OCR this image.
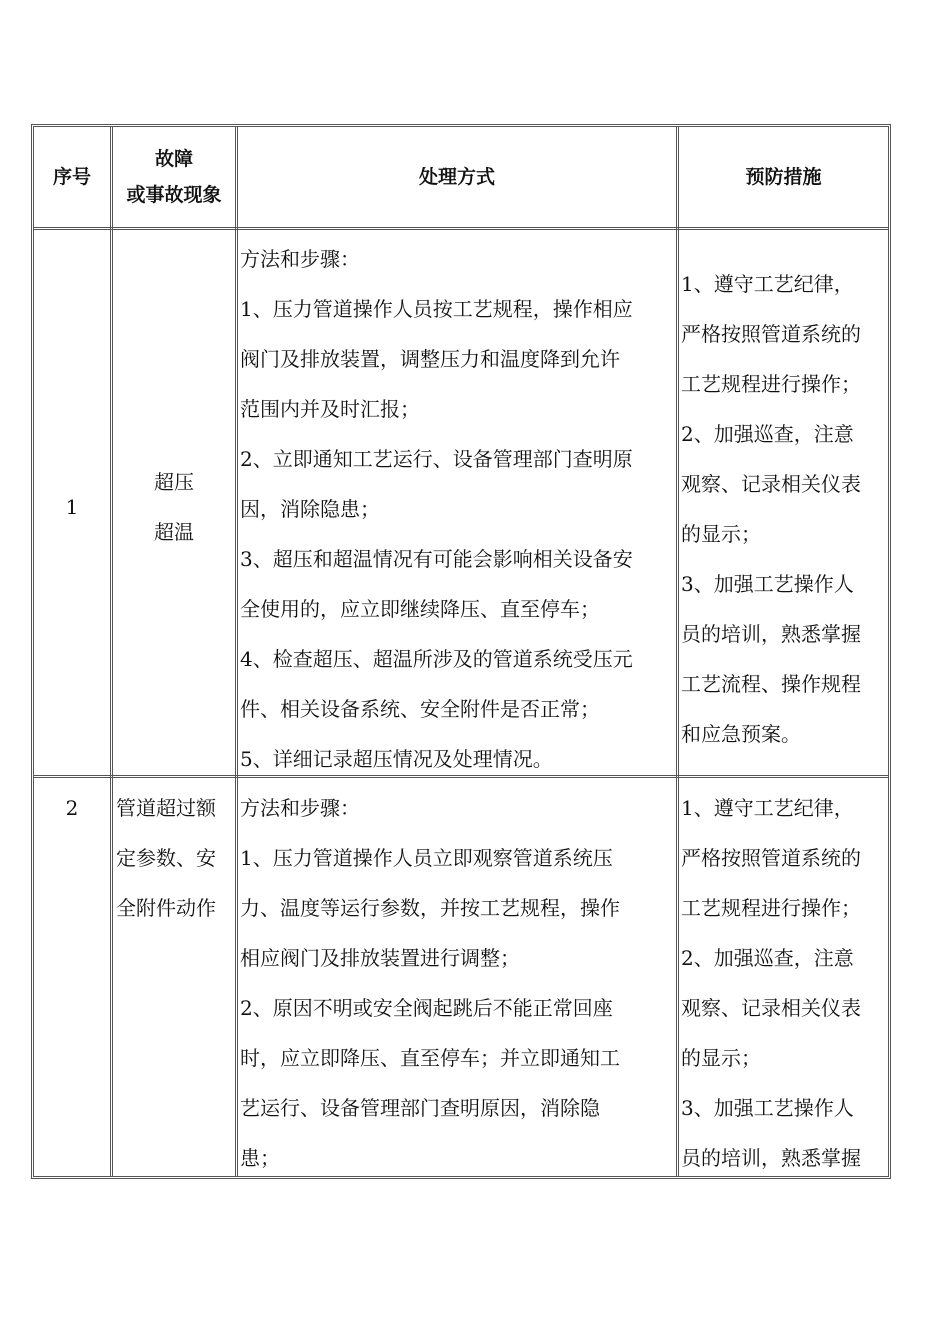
序号
故障
或事故现象
处理方式	预防措施
1
超压
超温
方法和步骤：
1、压力管道操作人员按工艺规程，操作相应
阀门及排放装置，调整压力和温度降到允许
范围内并及时汇报；
2、立即通知工艺运行、设备管理部门查明原
因，消除隐患；
3、超压和超温情况有可能会影响相关设备安
全使用的，应立即继续降压、直至停车；
4、检查超压、超温所涉及的管道系统受压元
件、相关设备系统、安全附件是否正常；
5、详细记录超压情况及处理情况。
1、遵守工艺纪律，
严格按照管道系统的
工艺规程进行操作；
2、加强巡查，注意
观察、记录相关仪表
的显示；
3、加强工艺操作人
员的培训，熟悉掌握
工艺流程、操作规程
和应急预案。
2	管道超过额
定参数、安
全附件动作
方法和步骤：
1、压力管道操作人员立即观察管道系统压
力、温度等运行参数，并按工艺规程，操作
相应阀门及排放装置进行调整；
2、原因不明或安全阀起跳后不能正常回座
时，应立即降压、直至停车；并立即通知工
艺运行、设备管理部门查明原因，消除隐
患；
1、遵守工艺纪律，
严格按照管道系统的
工艺规程进行操作；
2、加强巡查，注意
观察、记录相关仪表
的显示；
3、加强工艺操作人
员的培训，熟悉掌握
